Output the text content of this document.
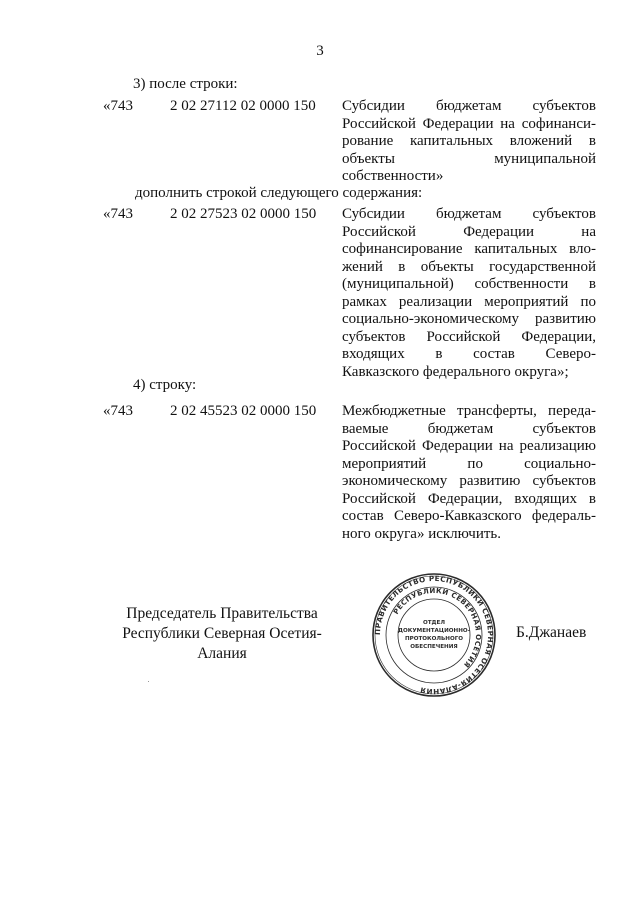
3
3) после строки:
«743 2 02 27112 02 0000 150 Субсидии бюджетам субъектов
Российской Федерации на софинанси-
рование капитальных вложений в
объекты муниципальной
собственности»
дополнить строкой следующего содержания:
«743 2 02 27523 02 0000 150 Субсидии бюджетам субъектов
Российской Федерации на
софинансирование капитальных вло-
жений в объекты государственной
(муниципальной) собственности в
рамках реализации мероприятий по
социально-экономическому развитию
субъектов Российской Федерации,
входящих в состав Северо-
Кавказского федерального округа»;
4) строку:
«743 2 02 45523 02 0000 150 Межбюджетные трансферты, переда-
ваемые бюджетам субъектов
Российской Федерации на реализацию
мероприятий по социально-
экономическому развитию субъектов
Российской Федерации, входящих в
состав Северо-Кавказского федераль-
ного округа» исключить.
Председатель Правительства
Республики Северная Осетия-Алания
ПРАВИТЕЛЬСТВО РЕСПУБЛИКИ СЕВЕРНАЯ ОСЕТИЯ-АЛАНИЯ
РЕСПУБЛИКИ СЕВЕРНАЯ ОСЕТИЯ
ОТДЕЛ
ДОКУМЕНТАЦИОННО-
ПРОТОКОЛЬНОГО
ОБЕСПЕЧЕНИЯ
Б.Джанаев
